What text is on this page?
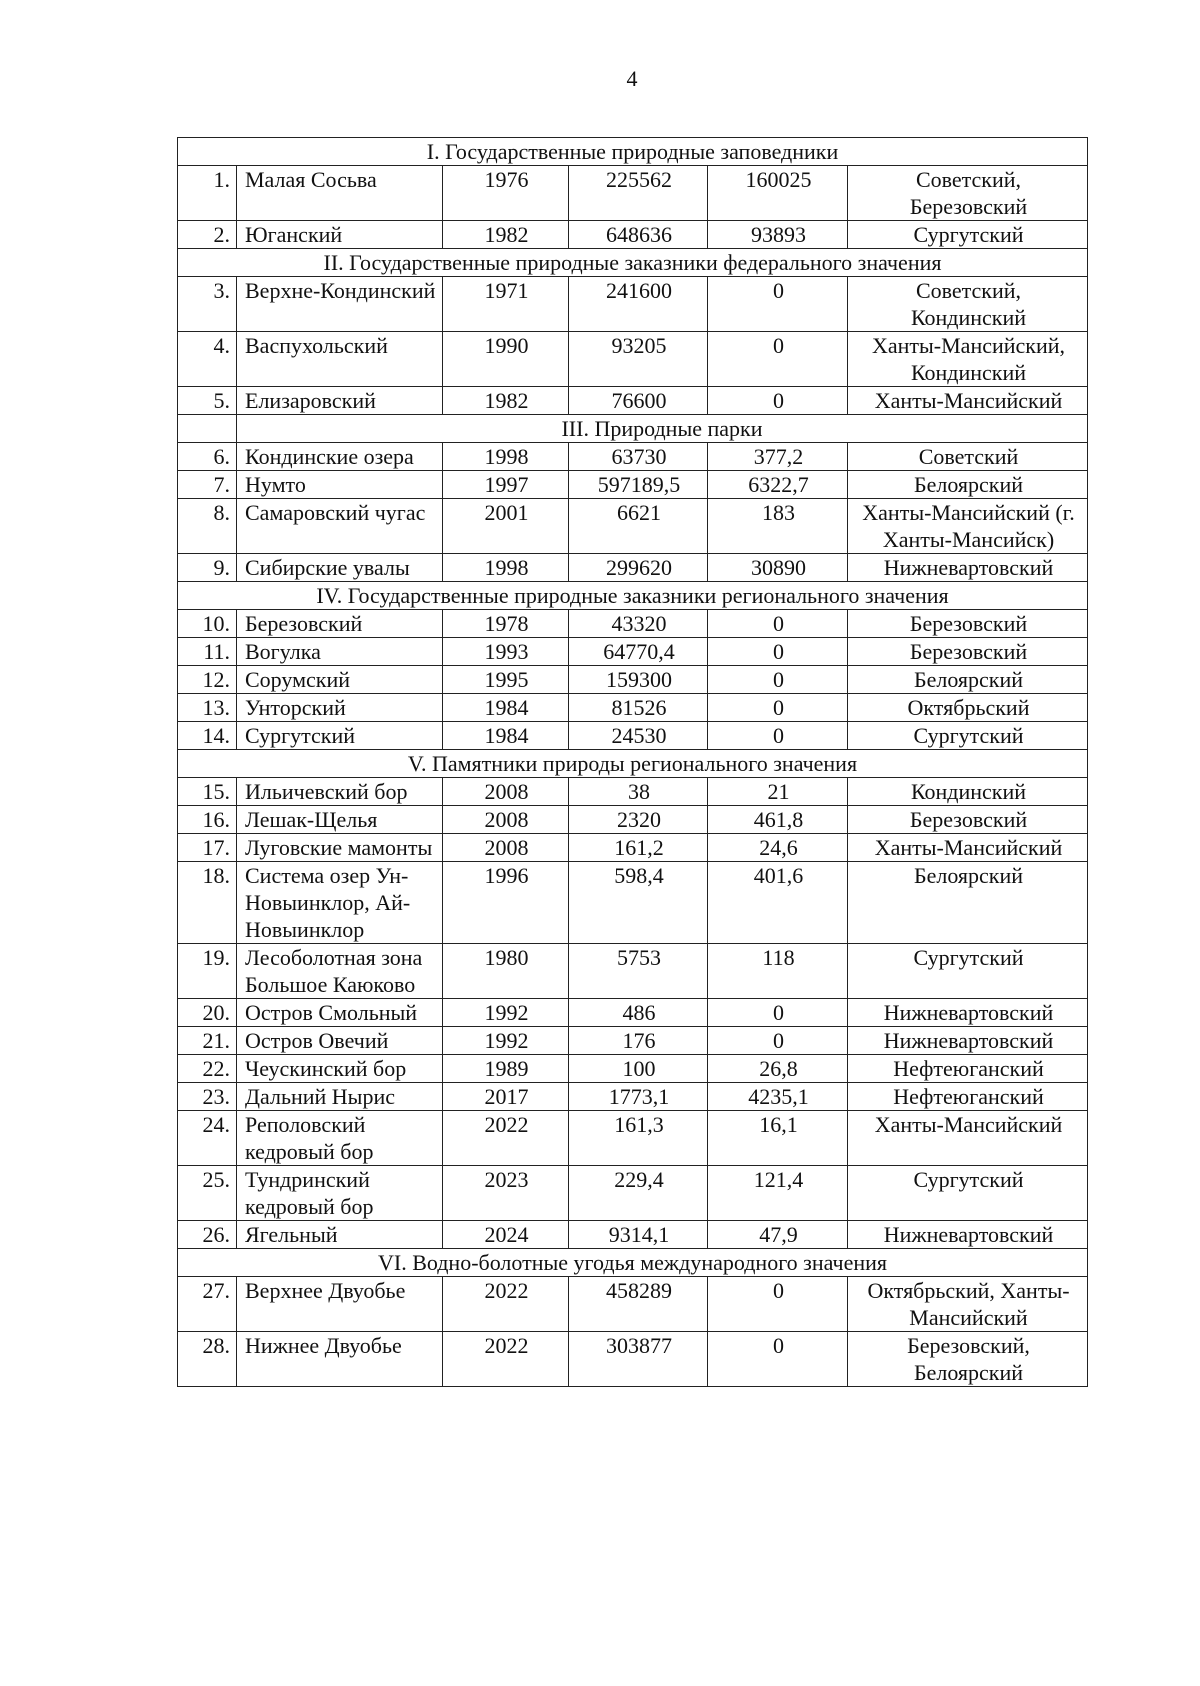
4
I. Государственные природные заповедники					
1.	Малая Сосьва	1976	225562	160025	Советский, Березовский
2.	Юганский	1982	648636	93893	Сургутский
II. Государственные природные заказники федерального значения					
3.	Верхне-Кондинский	1971	241600	0	Советский, Кондинский
4.	Васпухольский	1990	93205	0	Ханты-Мансийский, Кондинский
5.	Елизаровский	1982	76600	0	Ханты-Мансийский
	III. Природные парки				
6.	Кондинские озера	1998	63730	377,2	Советский
7.	Нумто	1997	597189,5	6322,7	Белоярский
8.	Самаровский чугас	2001	6621	183	Ханты-Мансийский (г. Ханты-Мансийск)
9.	Сибирские увалы	1998	299620	30890	Нижневартовский
IV. Государственные природные заказники регионального значения					
10.	Березовский	1978	43320	0	Березовский
11.	Вогулка	1993	64770,4	0	Березовский
12.	Сорумский	1995	159300	0	Белоярский
13.	Унторский	1984	81526	0	Октябрьский
14.	Сургутский	1984	24530	0	Сургутский
V. Памятники природы регионального значения					
15.	Ильичевский бор	2008	38	21	Кондинский
16.	Лешак-Щелья	2008	2320	461,8	Березовский
17.	Луговские мамонты	2008	161,2	24,6	Ханты-Мансийский
18.	Система озер Ун-Новыинклор, Ай-Новыинклор	1996	598,4	401,6	Белоярский
19.	Лесоболотная зона Большое Каюково	1980	5753	118	Сургутский
20.	Остров Смольный	1992	486	0	Нижневартовский
21.	Остров Овечий	1992	176	0	Нижневартовский
22.	Чеускинский бор	1989	100	26,8	Нефтеюганский
23.	Дальний Нырис	2017	1773,1	4235,1	Нефтеюганский
24.	Реполовский кедровый бор	2022	161,3	16,1	Ханты-Мансийский
25.	Тундринский кедровый бор	2023	229,4	121,4	Сургутский
26.	Ягельный	2024	9314,1	47,9	Нижневартовский
VI. Водно-болотные угодья международного значения					
27.	Верхнее Двуобье	2022	458289	0	Октябрьский, Ханты-Мансийский
28.	Нижнее Двуобье	2022	303877	0	Березовский, Белоярский
